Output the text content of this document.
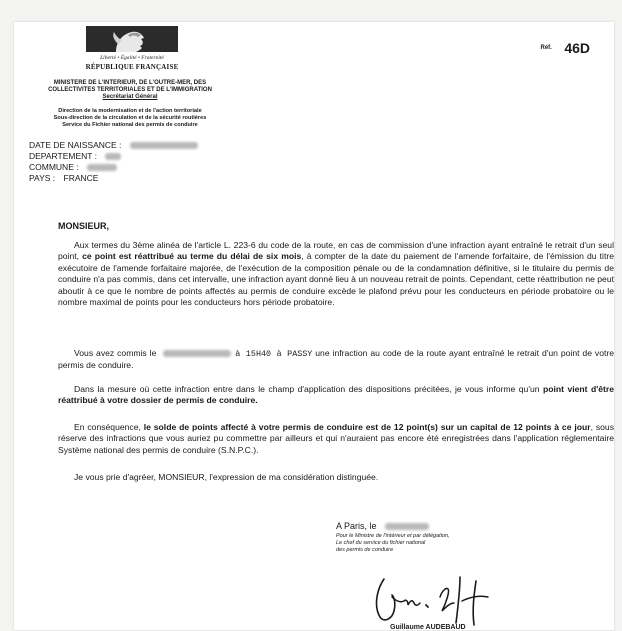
Liberté • Égalité • Fraternité
RÉPUBLIQUE FRANÇAISE
MINISTERE DE L'INTERIEUR, DE L'OUTRE-MER, DES
COLLECTIVITES TERRITORIALES ET DE L'IMMIGRATION
Secrétariat Général
Direction de la modernisation et de l'action territoriale
Sous-direction de la circulation et de la sécurité routières
Service du Fichier national des permis de conduire
Réf. 46D
DATE DE NAISSANCE :
DEPARTEMENT :
COMMUNE :
PAYS : FRANCE
MONSIEUR,

Aux termes du 3ème alinéa de l'article L. 223-6 du code de la route, en cas de commission d'une infraction ayant entraîné le retrait d'un seul point, ce point est réattribué au terme du délai de six mois, à compter de la date du paiement de l'amende forfaitaire, de l'émission du titre exécutoire de l'amende forfaitaire majorée, de l'exécution de la composition pénale ou de la condamnation définitive, si le titulaire du permis de conduire n'a pas commis, dans cet intervalle, une infraction ayant donné lieu à un nouveau retrait de points. Cependant, cette réattribution ne peut aboutir à ce que le nombre de points affectés au permis de conduire excède le plafond prévu pour les conducteurs en période probatoire ou le nombre maximal de points pour les conducteurs hors période probatoire.

Vous avez commis le	à 15H40 à PASSY une infraction au code de la route ayant entraîné le retrait d'un point de votre permis de conduire.

Dans la mesure où cette infraction entre dans le champ d'application des dispositions précitées, je vous informe qu'un point vient d'être réattribué à votre dossier de permis de conduire.

En conséquence, le solde de points affecté à votre permis de conduire est de 12 point(s) sur un capital de 12 points à ce jour, sous réserve des infractions que vous auriez pu commettre par ailleurs et qui n'auraient pas encore été enregistrées dans l'application réglementaire Système national des permis de conduire (S.N.P.C.).

Je vous prie d'agréer, MONSIEUR, l'expression de ma considération distinguée.

A Paris, le
Pour le Ministre de l'intérieur et par délégation,
Le chef du service du fichier national
des permis de conduire
Guillaume AUDEBAUD
